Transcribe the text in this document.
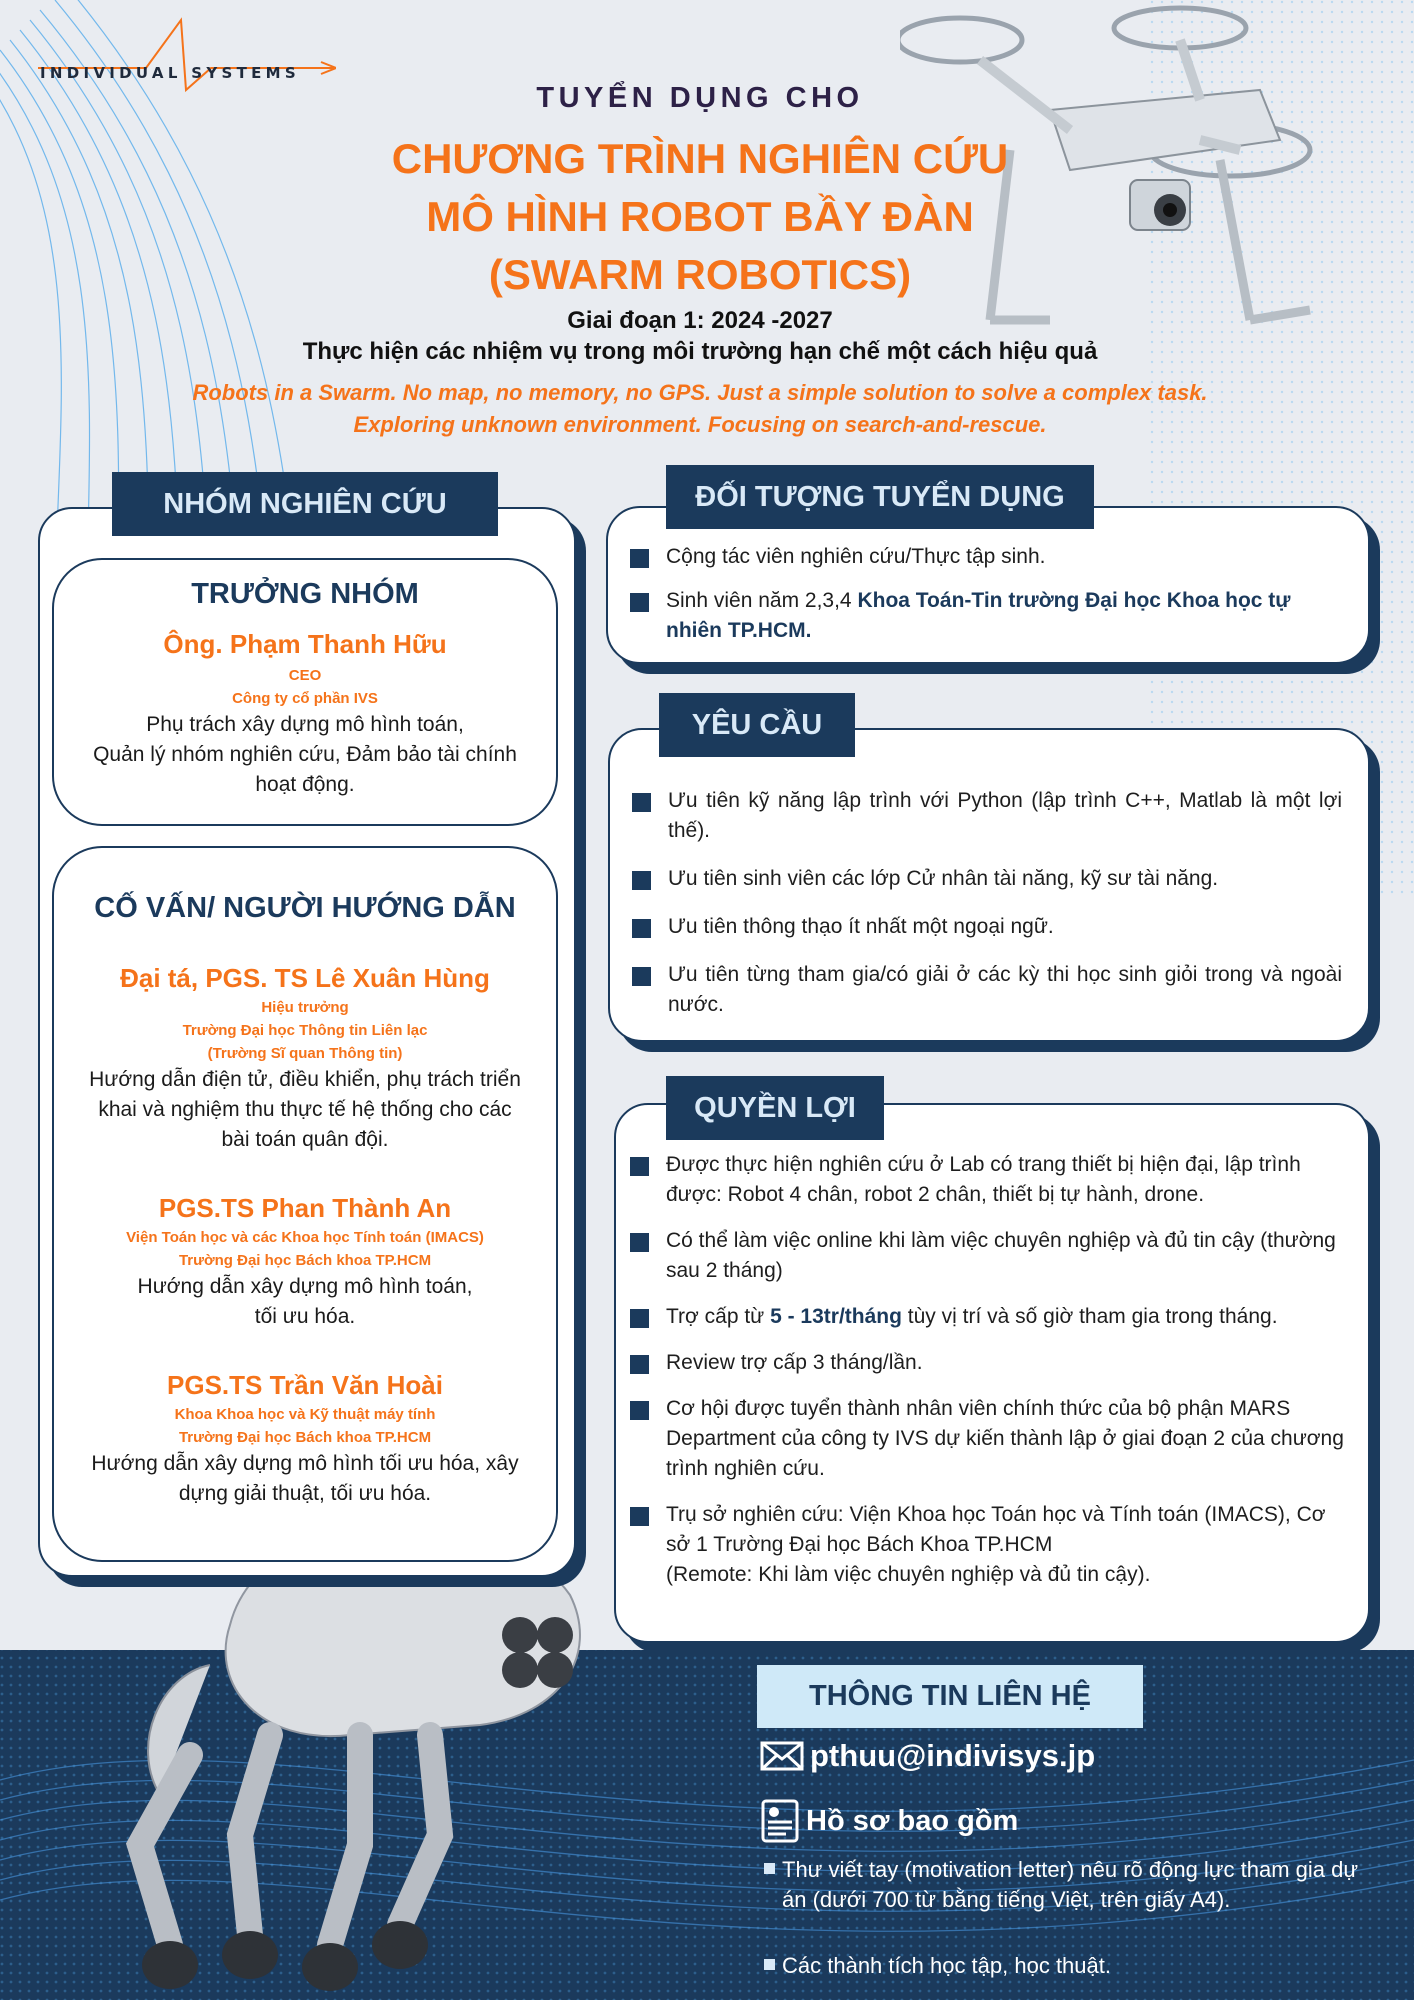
INDIVIDUAL SYSTEMS
TUYỂN DỤNG CHO
CHƯƠNG TRÌNH NGHIÊN CỨU
MÔ HÌNH ROBOT BẦY ĐÀN
(SWARM ROBOTICS)
Giai đoạn 1: 2024 -2027
Thực hiện các nhiệm vụ trong môi trường hạn chế một cách hiệu quả
Robots in a Swarm. No map, no memory, no GPS. Just a simple solution to solve a complex task.
Exploring unknown environment. Focusing on search-and-rescue.
NHÓM NGHIÊN CỨU
TRƯỞNG NHÓM
Ông. Phạm Thanh Hữu
CEO
Công ty cổ phần IVS
Phụ trách xây dựng mô hình toán,
Quản lý nhóm nghiên cứu, Đảm bảo tài chính
hoạt động.
CỐ VẤN/ NGƯỜI HƯỚNG DẪN
Đại tá, PGS. TS Lê Xuân Hùng
Hiệu trưởng
Trường Đại học Thông tin Liên lạc
(Trường Sĩ quan Thông tin)
Hướng dẫn điện tử, điều khiển, phụ trách triển
khai và nghiệm thu thực tế hệ thống cho các
bài toán quân đội.
PGS.TS Phan Thành An
Viện Toán học và các Khoa học Tính toán (IMACS)
Trường Đại học Bách khoa TP.HCM
Hướng dẫn xây dựng mô hình toán,
tối ưu hóa.
PGS.TS Trần Văn Hoài
Khoa Khoa học và Kỹ thuật máy tính
Trường Đại học Bách khoa TP.HCM
Hướng dẫn xây dựng mô hình tối ưu hóa, xây
dựng giải thuật, tối ưu hóa.
ĐỐI TƯỢNG TUYỂN DỤNG
Cộng tác viên nghiên cứu/Thực tập sinh.
Sinh viên năm 2,3,4 Khoa Toán-Tin trường Đại học Khoa học tự nhiên TP.HCM.
YÊU CẦU
Ưu tiên kỹ năng lập trình với Python (lập trình C++, Matlab là một lợi thế).
Ưu tiên sinh viên các lớp Cử nhân tài năng, kỹ sư tài năng.
Ưu tiên thông thạo ít nhất một ngoại ngữ.
Ưu tiên từng tham gia/có giải ở các kỳ thi học sinh giỏi trong và ngoài nước.
QUYỀN LỢI
Được thực hiện nghiên cứu ở Lab có trang thiết bị hiện đại, lập trình được: Robot 4 chân, robot 2 chân, thiết bị tự hành, drone.
Có thể làm việc online khi làm việc chuyên nghiệp và đủ tin cậy (thường sau 2 tháng)
Trợ cấp từ 5 - 13tr/tháng tùy vị trí và số giờ tham gia trong tháng.
Review trợ cấp 3 tháng/lần.
Cơ hội được tuyển thành nhân viên chính thức của bộ phận MARS Department của công ty IVS dự kiến thành lập ở giai đoạn 2 của chương trình nghiên cứu.
Trụ sở nghiên cứu: Viện Khoa học Toán học và Tính toán (IMACS), Cơ sở 1 Trường Đại học Bách Khoa TP.HCM
(Remote: Khi làm việc chuyên nghiệp và đủ tin cậy).
THÔNG TIN LIÊN HỆ
pthuu@indivisys.jp
Hồ sơ bao gồm
Thư viết tay (motivation letter) nêu rõ động lực tham gia dự án (dưới 700 từ bằng tiếng Việt, trên giấy A4).
Các thành tích học tập, học thuật.
